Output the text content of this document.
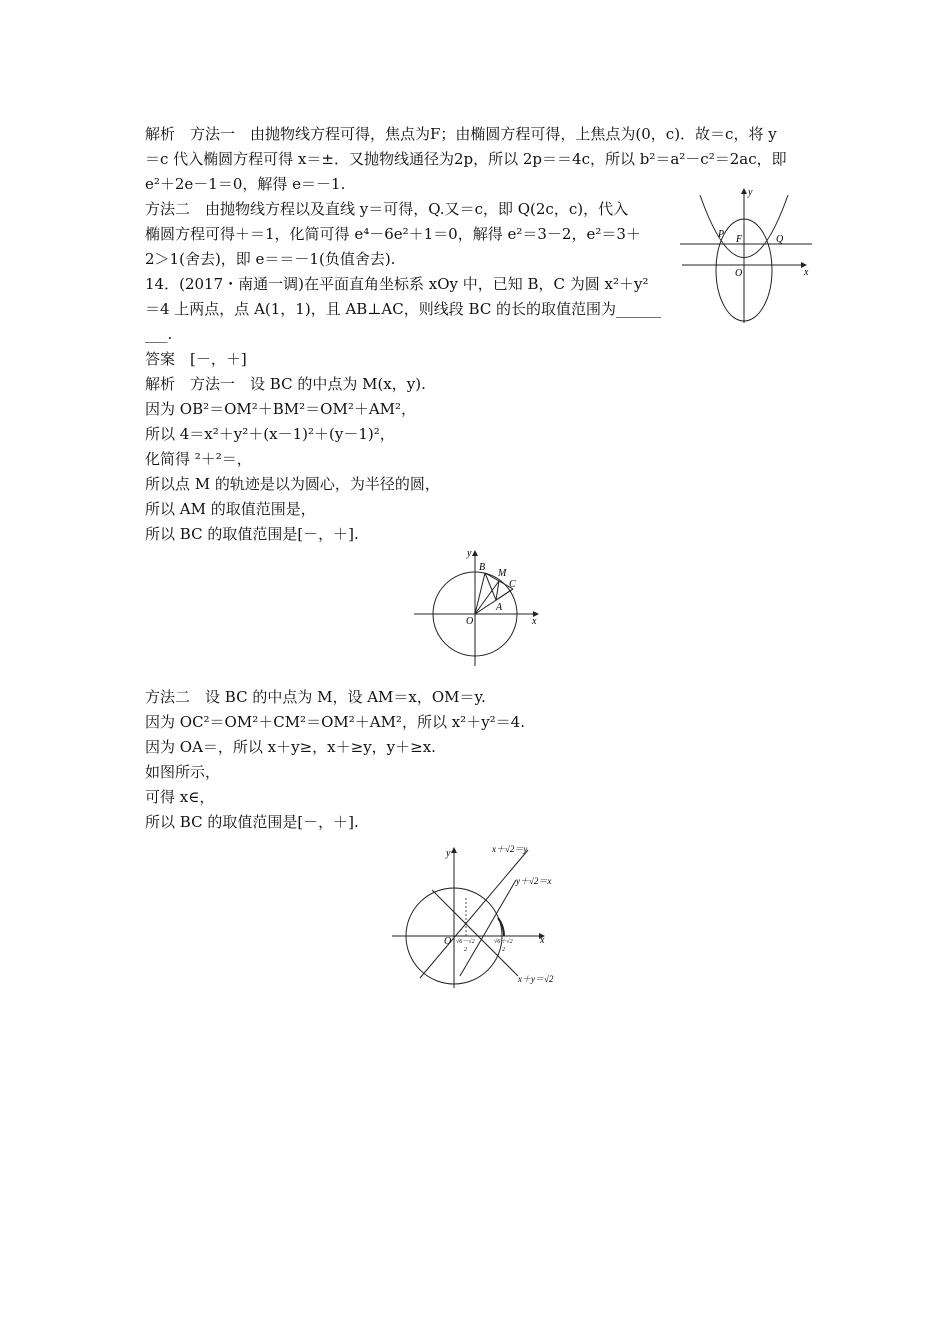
解析　方法一　由抛物线方程可得，焦点为F；由椭圆方程可得，上焦点为(0，c)．故＝c，将 y
＝c 代入椭圆方程可得 x＝±．又抛物线通径为2p，所以 2p＝＝4c，所以 b²＝a²－c²＝2ac，即
e²＋2e－1＝0，解得 e＝－1.
方法二　由抛物线方程以及直线 y＝可得，Q.又＝c，即 Q(2c，c)，代入
椭圆方程可得＋＝1，化简可得 e⁴－6e²＋1＝0，解得 e²＝3－2，e²＝3＋
2＞1(舍去)，即 e＝＝－1(负值舍去).
14．(2017・南通一调)在平面直角坐标系 xOy 中，已知 B，C 为圆 x²＋y²
＝4 上两点，点 A(1，1)，且 AB⊥AC，则线段 BC 的长的取值范围为______
___.
答案　[－，＋]
解析　方法一　设 BC 的中点为 M(x，y).
因为 OB²＝OM²＋BM²＝OM²＋AM²，
所以 4＝x²＋y²＋(x－1)²＋(y－1)²，
化简得 ²＋²＝，
所以点 M 的轨迹是以为圆心，为半径的圆，
所以 AM 的取值范围是，
所以 BC 的取值范围是[－，＋].
方法二　设 BC 的中点为 M，设 AM＝x，OM＝y.
因为 OC²＝OM²＋CM²＝OM²＋AM²，所以 x²＋y²＝4.
因为 OA＝，所以 x＋y≥，x＋≥y，y＋≥x.
如图所示，
可得 x∈，
所以 BC 的取值范围是[－，＋].
y
x
O
F
P	Q
y
x
O
B
M
C
A
y
x
O
x＋√2＝y
y＋√2＝x
x＋y＝√2
√6－√2
2
√6＋√2
2
